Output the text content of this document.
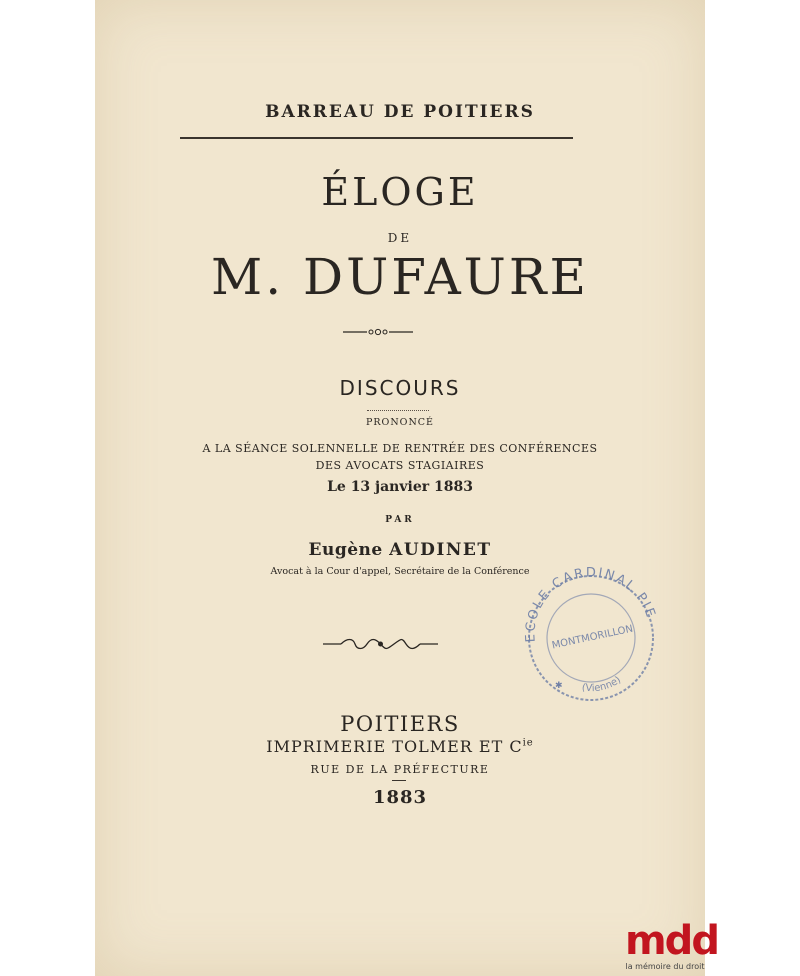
BARREAU DE POITIERS
ÉLOGE
DE
M. DUFAURE
DISCOURS
PRONONCÉ
A LA SÉANCE SOLENNELLE DE RENTRÉE DES CONFÉRENCES
DES AVOCATS STAGIAIRES
Le 13 janvier 1883
PAR
Eugène AUDINET
Avocat à la Cour d'appel, Secrétaire de la Conférence
POITIERS
IMPRIMERIE TOLMER ET $C^{ie}$
RUE DE LA PRÉFECTURE
1883
ECOLE CARDINAL PIE
MONTMORILLON
(Vienne)
✱
mdd
la mémoire du droit
